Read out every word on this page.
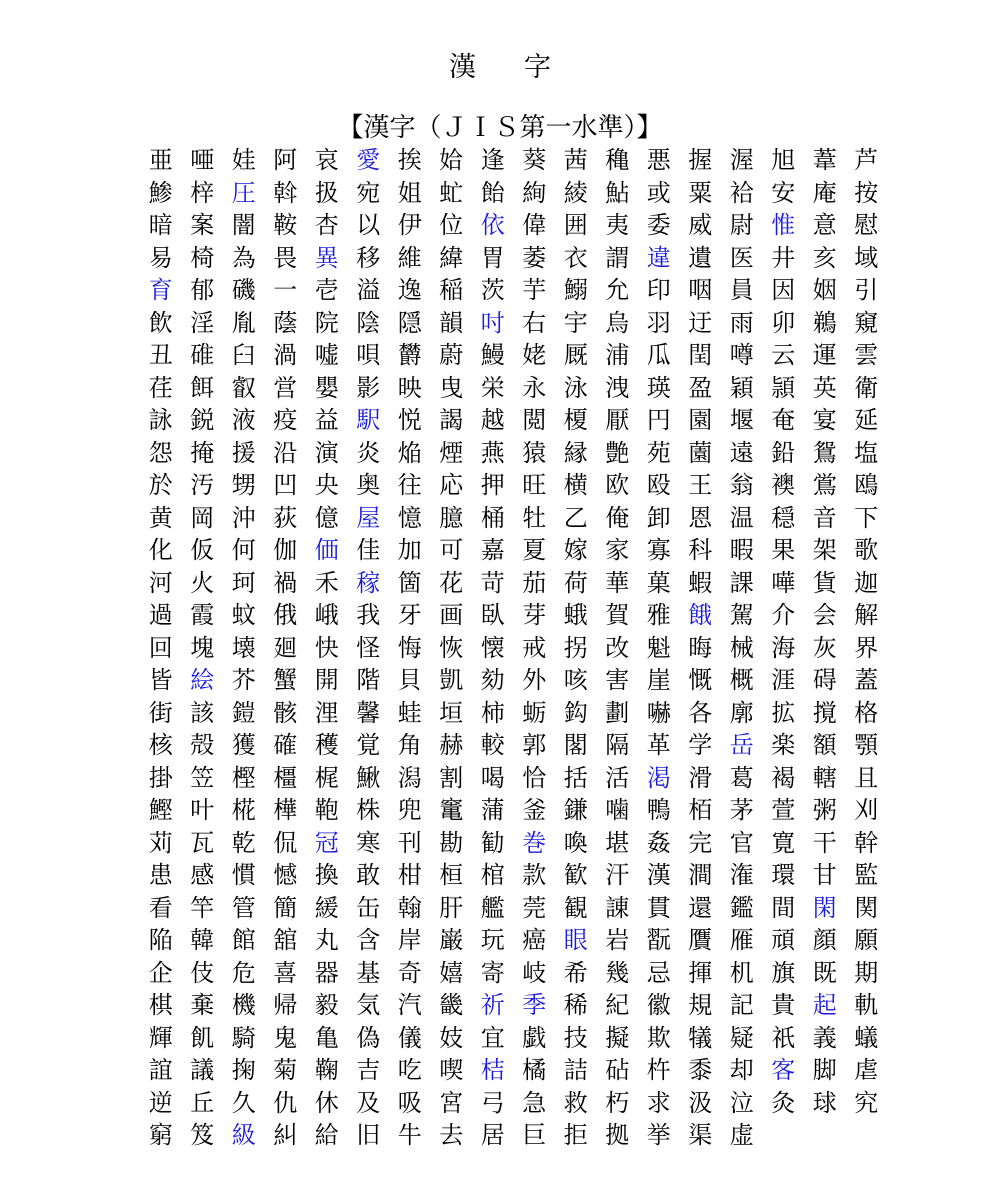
漢字
【漢字（ＪＩＳ第一水準）】
亜 唖 娃 阿 哀 愛 挨 姶 逢 葵 茜 穐 悪 握 渥 旭 葦 芦
鯵 梓 圧 斡 扱 宛 姐 虻 飴 絢 綾 鮎 或 粟 袷 安 庵 按
暗 案 闇 鞍 杏 以 伊 位 依 偉 囲 夷 委 威 尉 惟 意 慰
易 椅 為 畏 異 移 維 緯 胃 萎 衣 謂 違 遺 医 井 亥 域
育 郁 磯 一 壱 溢 逸 稲 茨 芋 鰯 允 印 咽 員 因 姻 引
飲 淫 胤 蔭 院 陰 隠 韻 吋 右 宇 烏 羽 迂 雨 卯 鵜 窺
丑 碓 臼 渦 嘘 唄 欝 蔚 鰻 姥 厩 浦 瓜 閏 噂 云 運 雲
荏 餌 叡 営 嬰 影 映 曳 栄 永 泳 洩 瑛 盈 穎 頴 英 衛
詠 鋭 液 疫 益 駅 悦 謁 越 閲 榎 厭 円 園 堰 奄 宴 延
怨 掩 援 沿 演 炎 焔 煙 燕 猿 縁 艶 苑 薗 遠 鉛 鴛 塩
於 汚 甥 凹 央 奥 往 応 押 旺 横 欧 殴 王 翁 襖 鴬 鴎
黄 岡 沖 荻 億 屋 憶 臆 桶 牡 乙 俺 卸 恩 温 穏 音 下
化 仮 何 伽 価 佳 加 可 嘉 夏 嫁 家 寡 科 暇 果 架 歌
河 火 珂 禍 禾 稼 箇 花 苛 茄 荷 華 菓 蝦 課 嘩 貨 迦
過 霞 蚊 俄 峨 我 牙 画 臥 芽 蛾 賀 雅 餓 駕 介 会 解
回 塊 壊 廻 快 怪 悔 恢 懐 戒 拐 改 魁 晦 械 海 灰 界
皆 絵 芥 蟹 開 階 貝 凱 劾 外 咳 害 崖 慨 概 涯 碍 蓋
街 該 鎧 骸 浬 馨 蛙 垣 柿 蛎 鈎 劃 嚇 各 廓 拡 撹 格
核 殻 獲 確 穫 覚 角 赫 較 郭 閣 隔 革 学 岳 楽 額 顎
掛 笠 樫 橿 梶 鰍 潟 割 喝 恰 括 活 渇 滑 葛 褐 轄 且
鰹 叶 椛 樺 鞄 株 兜 竃 蒲 釜 鎌 噛 鴨 栢 茅 萱 粥 刈
苅 瓦 乾 侃 冠 寒 刊 勘 勧 巻 喚 堪 姦 完 官 寛 干 幹
患 感 慣 憾 換 敢 柑 桓 棺 款 歓 汗 漢 澗 潅 環 甘 監
看 竿 管 簡 緩 缶 翰 肝 艦 莞 観 諌 貫 還 鑑 間 閑 関
陥 韓 館 舘 丸 含 岸 巌 玩 癌 眼 岩 翫 贋 雁 頑 顔 願
企 伎 危 喜 器 基 奇 嬉 寄 岐 希 幾 忌 揮 机 旗 既 期
棋 棄 機 帰 毅 気 汽 畿 祈 季 稀 紀 徽 規 記 貴 起 軌
輝 飢 騎 鬼 亀 偽 儀 妓 宜 戯 技 擬 欺 犠 疑 祇 義 蟻
誼 議 掬 菊 鞠 吉 吃 喫 桔 橘 詰 砧 杵 黍 却 客 脚 虐
逆 丘 久 仇 休 及 吸 宮 弓 急 救 朽 求 汲 泣 灸 球 究
窮 笈 級 糾 給 旧 牛 去 居 巨 拒 拠 挙 渠 虚
